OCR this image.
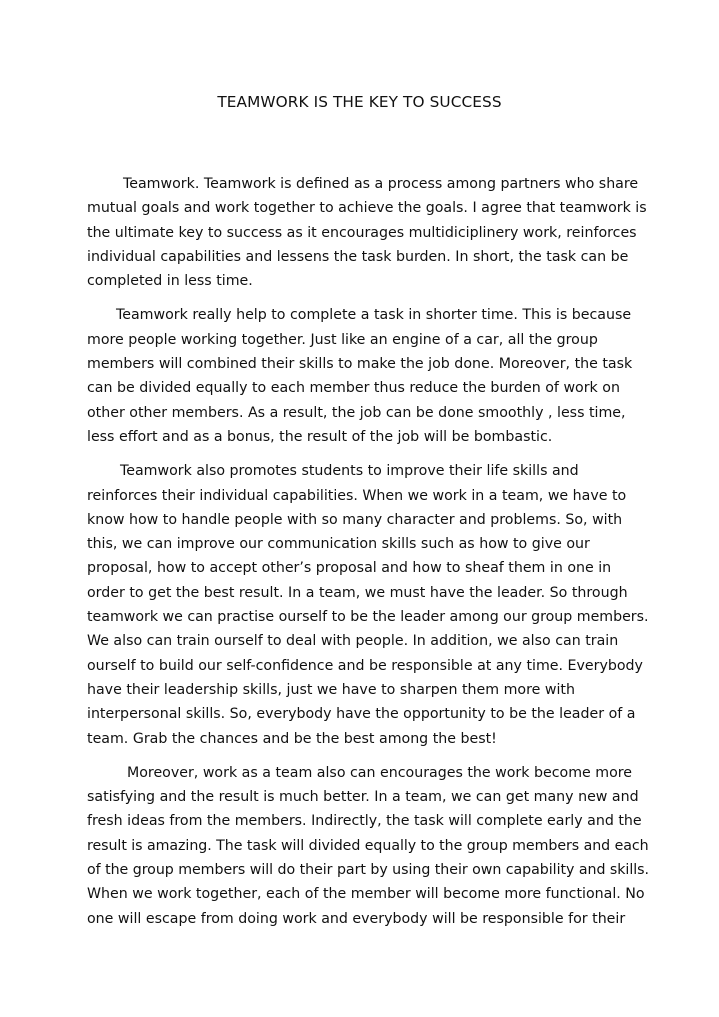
TEAMWORK IS THE KEY TO SUCCESS

Teamwork. Teamwork is defined as a process among partners who share
mutual goals and work together to achieve the goals. I agree that teamwork is
the ultimate key to success as it encourages multidiciplinery work, reinforces
individual capabilities and lessens the task burden. In short, the task can be
completed in less time.

Teamwork really help to complete a task in shorter time. This is because
more people working together. Just like an engine of a car, all the group
members will combined their skills to make the job done. Moreover, the task
can be divided equally to each member thus reduce the burden of work on
other other members. As a result, the job can be done smoothly , less time,
less effort and as a bonus, the result of the job will be bombastic.

Teamwork also promotes students to improve their life skills and
reinforces their individual capabilities. When we work in a team, we have to
know how to handle people with so many character and problems. So, with
this, we can improve our communication skills such as how to give our
proposal, how to accept other’s proposal and how to sheaf them in one in
order to get the best result. In a team, we must have the leader. So through
teamwork we can practise ourself to be the leader among our group members.
We also can train ourself to deal with people. In addition, we also can train
ourself to build our self-confidence and be responsible at any time. Everybody
have their leadership skills, just we have to sharpen them more with
interpersonal skills. So, everybody have the opportunity to be the leader of a
team. Grab the chances and be the best among the best!

Moreover, work as a team also can encourages the work become more
satisfying and the result is much better. In a team, we can get many new and
fresh ideas from the members. Indirectly, the task will complete early and the
result is amazing. The task will divided equally to the group members and each
of the group members will do their part by using their own capability and skills.
When we work together, each of the member will become more functional. No
one will escape from doing work and everybody will be responsible for their
